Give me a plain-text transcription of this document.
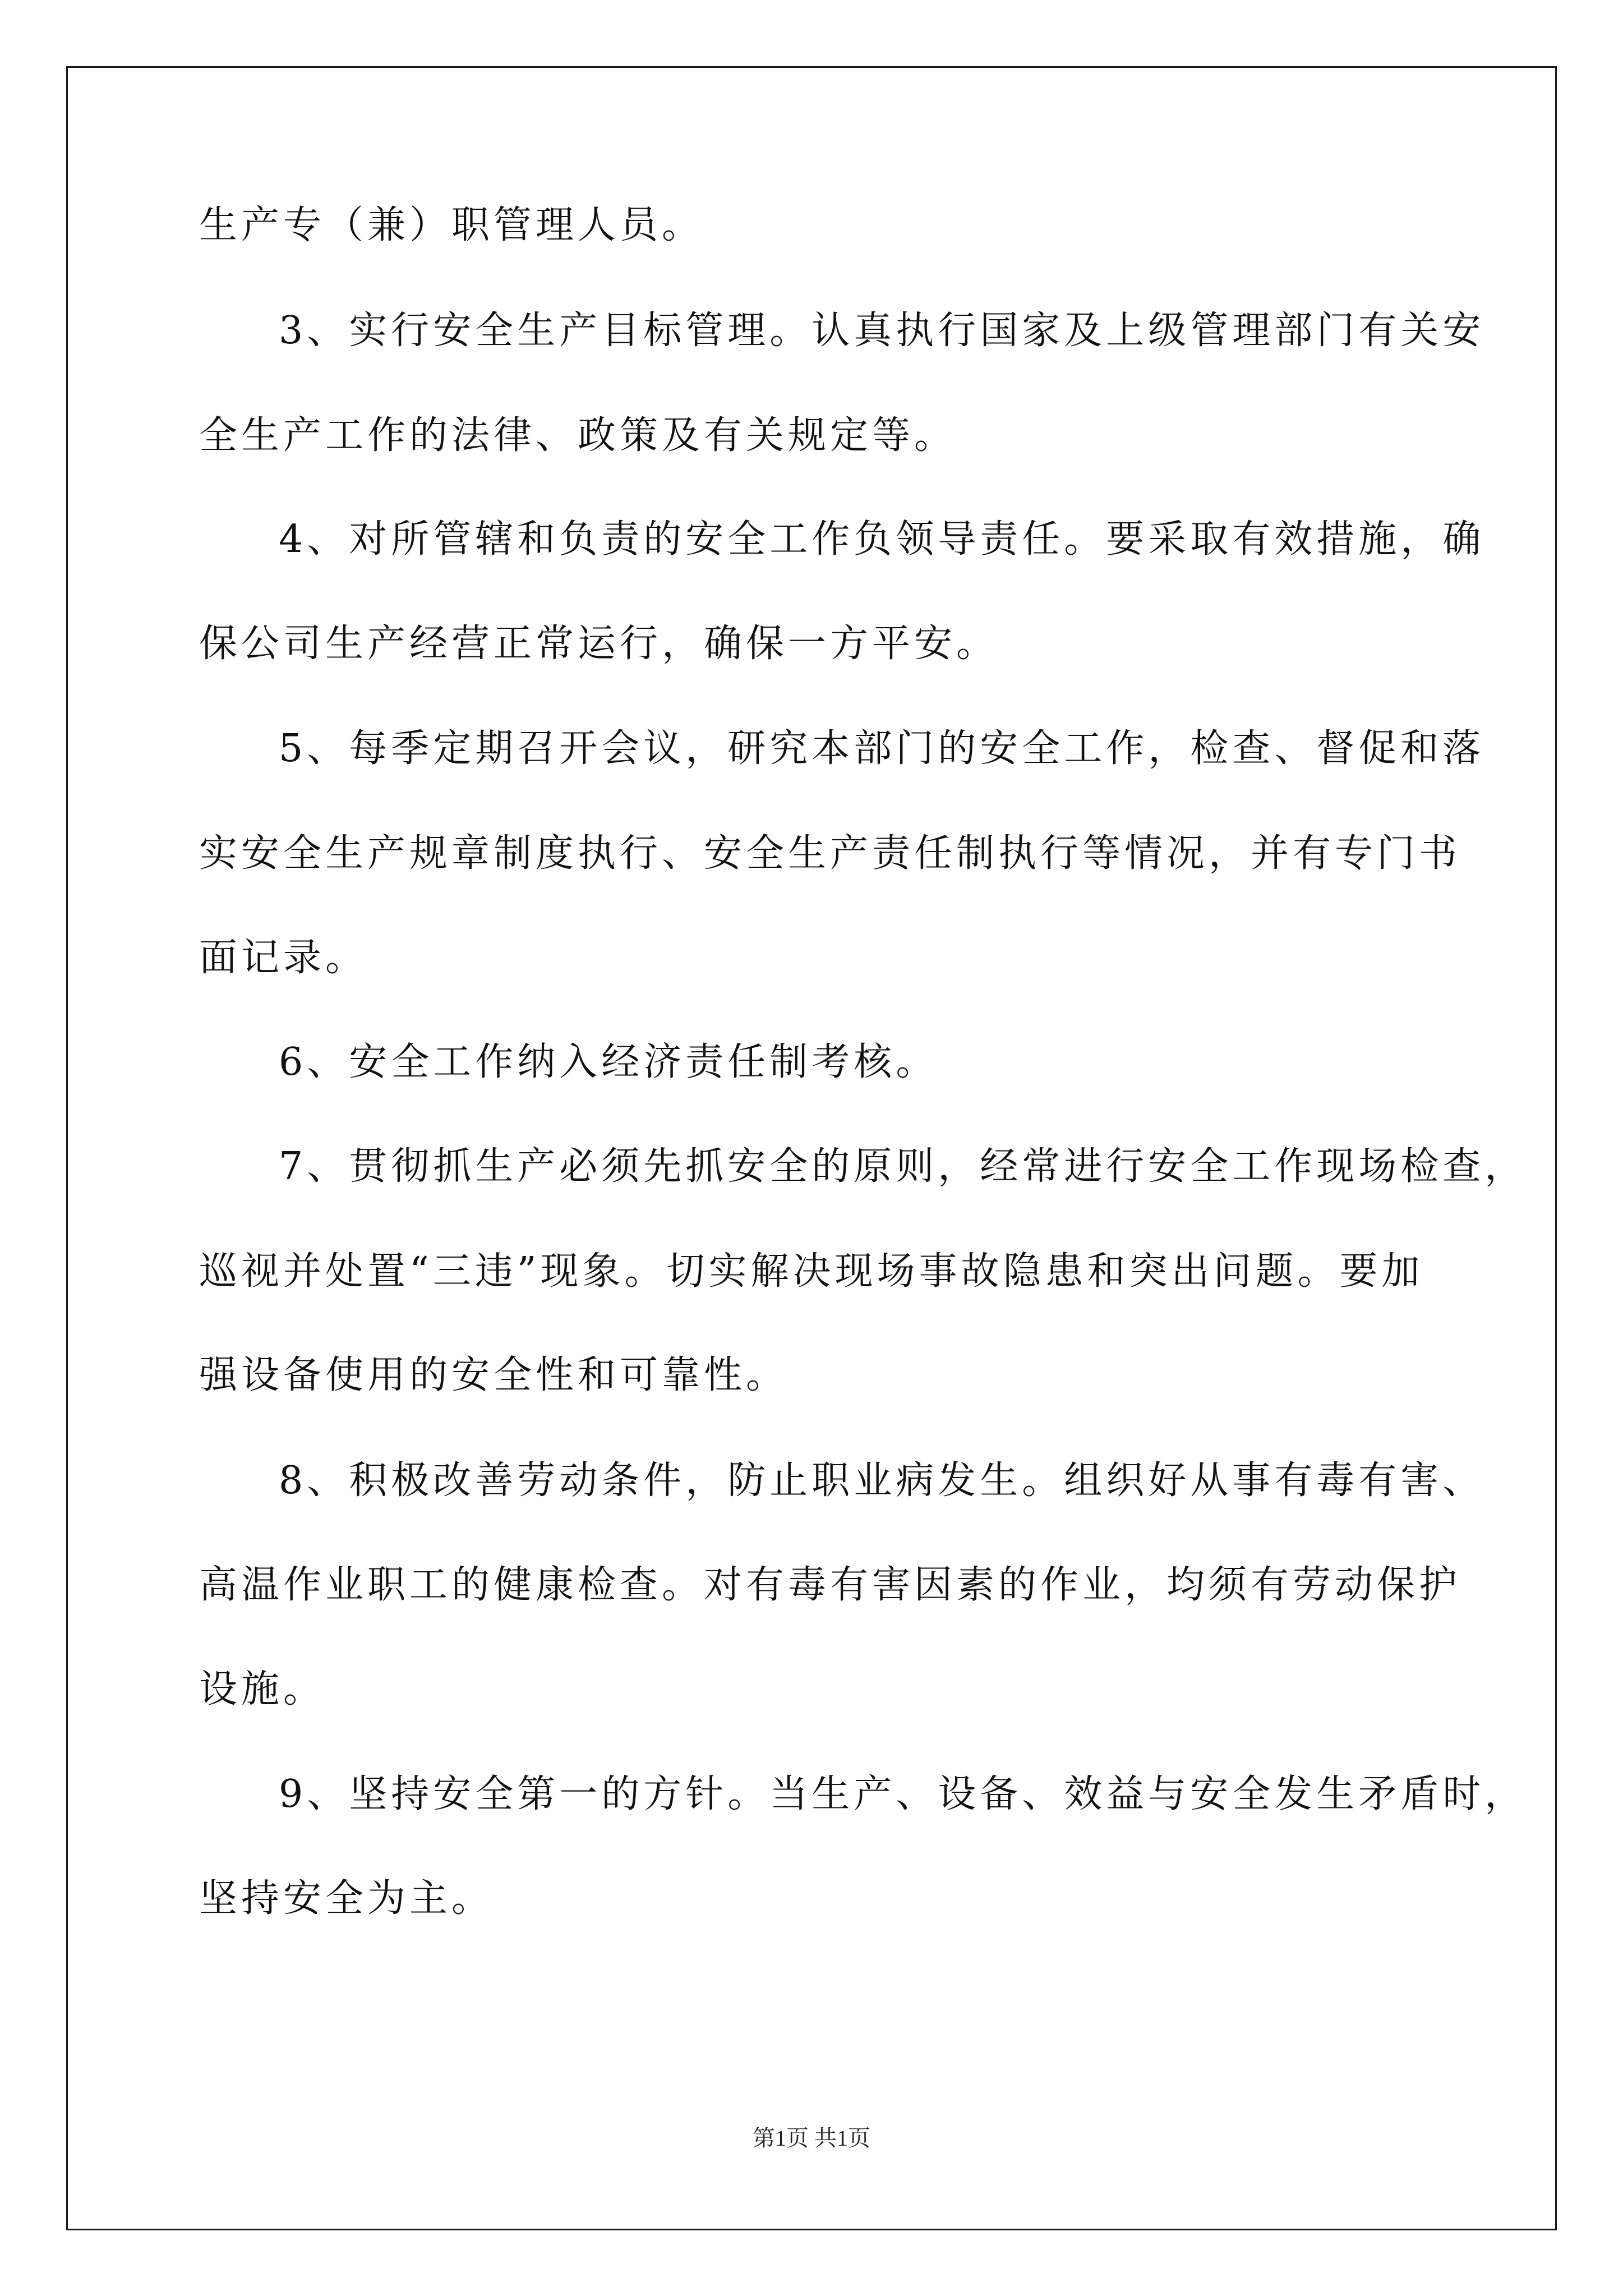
生产专（兼）职管理人员。
3、实行安全生产目标管理。认真执行国家及上级管理部门有关安
全生产工作的法律、政策及有关规定等。
4、对所管辖和负责的安全工作负领导责任。要采取有效措施，确
保公司生产经营正常运行，确保一方平安。
5、每季定期召开会议，研究本部门的安全工作，检查、督促和落
实安全生产规章制度执行、安全生产责任制执行等情况，并有专门书
面记录。
6、安全工作纳入经济责任制考核。
7、贯彻抓生产必须先抓安全的原则，经常进行安全工作现场检查，
巡视并处置“三违”现象。切实解决现场事故隐患和突出问题。要加
强设备使用的安全性和可靠性。
8、积极改善劳动条件，防止职业病发生。组织好从事有毒有害、
高温作业职工的健康检查。对有毒有害因素的作业，均须有劳动保护
设施。
9、坚持安全第一的方针。当生产、设备、效益与安全发生矛盾时，
坚持安全为主。
第1页 共1页
